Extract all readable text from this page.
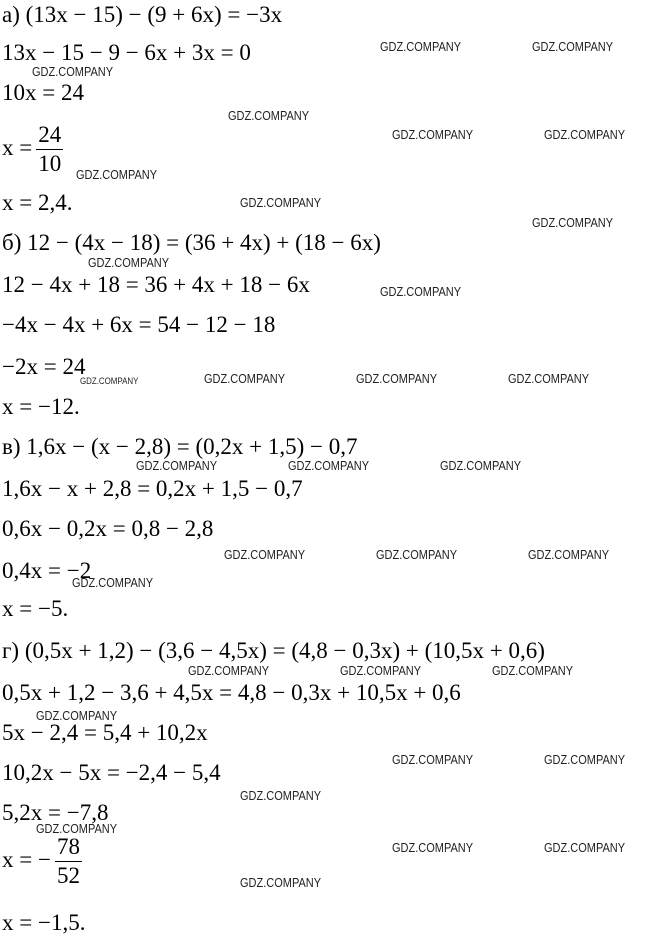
а) (13x − 15) − (9 + 6x) = −3x
13x − 15 − 9 − 6x + 3x = 0
10x = 24
$x = \frac{24}{10}$
x = 2,4.
б) 12 − (4x − 18) = (36 + 4x) + (18 − 6x)
12 − 4x + 18 = 36 + 4x + 18 − 6x
−4x − 4x + 6x = 54 − 12 − 18
−2x = 24
x = −12.
в) 1,6x − (x − 2,8) = (0,2x + 1,5) − 0,7
1,6x − x + 2,8 = 0,2x + 1,5 − 0,7
0,6x − 0,2x = 0,8 − 2,8
0,4x = −2
x = −5.
г) (0,5x + 1,2) − (3,6 − 4,5x) = (4,8 − 0,3x) + (10,5x + 0,6)
0,5x + 1,2 − 3,6 + 4,5x = 4,8 − 0,3x + 10,5x + 0,6
5x − 2,4 = 5,4 + 10,2x
10,2x − 5x = −2,4 − 5,4
5,2x = −7,8
x = − $\frac{78}{52}$
x = −1,5.
GDZ.COMPANY	GDZ.COMPANY
GDZ.COMPANY
GDZ.COMPANY
GDZ.COMPANY	GDZ.COMPANY
GDZ.COMPANY
GDZ.COMPANY
GDZ.COMPANY
GDZ.COMPANY
GDZ.COMPANY
GDZ.COMPANY	GDZ.COMPANY	GDZ.COMPANY	GDZ.COMPANY
GDZ.COMPANY	GDZ.COMPANY	GDZ.COMPANY
GDZ.COMPANY	GDZ.COMPANY	GDZ.COMPANY
GDZ.COMPANY
GDZ.COMPANY	GDZ.COMPANY	GDZ.COMPANY
GDZ.COMPANY
GDZ.COMPANY	GDZ.COMPANY
GDZ.COMPANY
GDZ.COMPANY
GDZ.COMPANY	GDZ.COMPANY
GDZ.COMPANY
